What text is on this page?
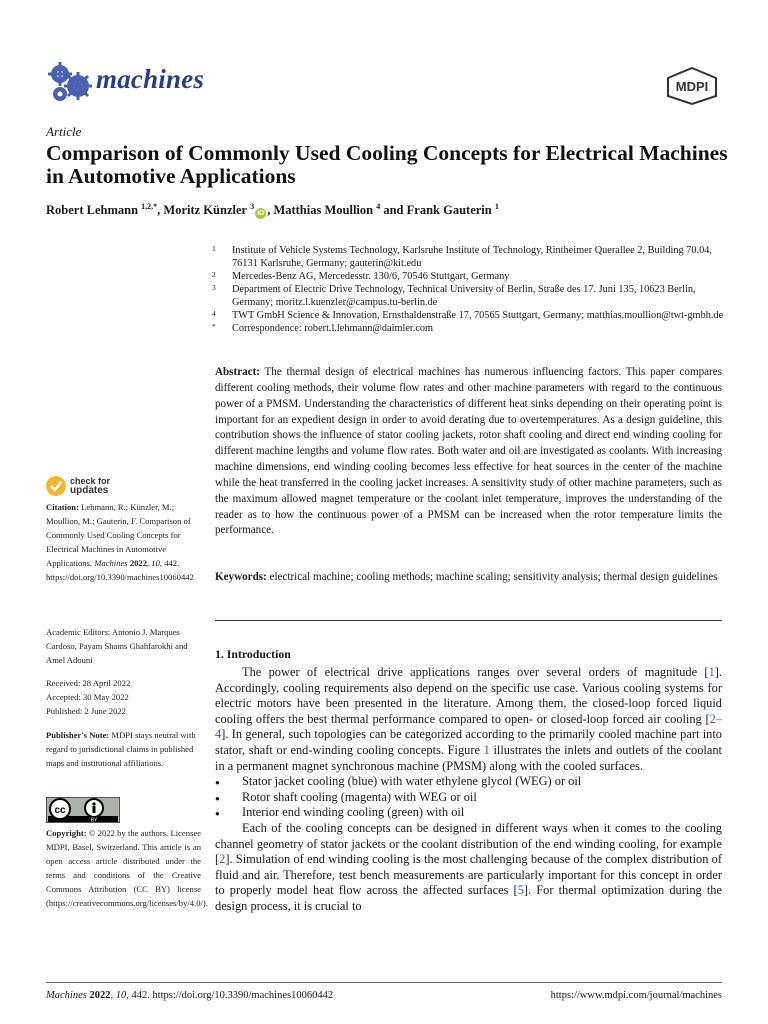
machines	MDPI
Article
Comparison of Commonly Used Cooling Concepts for Electrical Machines in Automotive Applications
Robert Lehmann $^{1,2,*}$, Moritz Künzler $^3$iD , Matthias Moullion $^4$ and Frank Gauterin $^1$
1	Institute of Vehicle Systems Technology, Karlsruhe Institute of Technology, Rintheimer Querallee 2, Building 70.04, 76131 Karlsruhe, Germany; gauterin@kit.edu
2	Mercedes-Benz AG, Mercedesstr. 130/6, 70546 Stuttgart, Germany
3	Department of Electric Drive Technology, Technical University of Berlin, Straße des 17. Juni 135, 10623 Berlin, Germany; moritz.l.kuenzler@campus.tu-berlin.de
4	TWT GmbH Science & Innovation, Ernsthaldenstraße 17, 70565 Stuttgart, Germany; matthias.moullion@twt-gmbh.de
*	Correspondence: robert.l.lehmann@daimler.com
Abstract: The thermal design of electrical machines has numerous influencing factors. This paper compares different cooling methods, their volume flow rates and other machine parameters with regard to the continuous power of a PMSM. Understanding the characteristics of different heat sinks depending on their operating point is important for an expedient design in order to avoid derating due to overtemperatures. As a design guideline, this contribution shows the influence of stator cooling jackets, rotor shaft cooling and direct end winding cooling for different machine lengths and volume flow rates. Both water and oil are investigated as coolants. With increasing machine dimensions, end winding cooling becomes less effective for heat sources in the center of the machine while the heat transferred in the cooling jacket increases. A sensitivity study of other machine parameters, such as the maximum allowed magnet temperature or the coolant inlet temperature, improves the understanding of the reader as to how the continuous power of a PMSM can be increased when the rotor temperature limits the performance.
Keywords: electrical machine; cooling methods; machine scaling; sensitivity analysis; thermal design guidelines
check for
updates
Citation: Lehmann, R.; Künzler, M.; Moullion, M.; Gauterin, F. Comparison of Commonly Used Cooling Concepts for Electrical Machines in Automotive Applications. Machines 2022, 10, 442. https://doi.org/10.3390/machines10060442
Academic Editors: Antonio J. Marques Cardoso, Payam Shams Ghahfarokhi and Amel Adouni
Received: 28 April 2022
Accepted: 30 May 2022
Published: 2 June 2022
Publisher's Note: MDPI stays neutral with regard to jurisdictional claims in published maps and institutional affiliations.
cc
BY
Copyright: © 2022 by the authors. Licensee MDPI, Basel, Switzerland. This article is an open access article distributed under the terms and conditions of the Creative Commons Attribution (CC BY) license (https://creativecommons.org/licenses/by/4.0/).
1. Introduction

The power of electrical drive applications ranges over several orders of magnitude [1]. Accordingly, cooling requirements also depend on the specific use case. Various cooling systems for electric motors have been presented in the literature. Among them, the closed-loop forced liquid cooling offers the best thermal performance compared to open- or closed-loop forced air cooling [2–4]. In general, such topologies can be categorized according to the primarily cooled machine part into stator, shaft or end-winding cooling concepts. Figure 1 illustrates the inlets and outlets of the coolant in a permanent magnet synchronous machine (PMSM) along with the cooled surfaces.

● Stator jacket cooling (blue) with water ethylene glycol (WEG) or oil
● Rotor shaft cooling (magenta) with WEG or oil
● Interior end winding cooling (green) with oil

Each of the cooling concepts can be designed in different ways when it comes to the cooling channel geometry of stator jackets or the coolant distribution of the end winding cooling, for example [2]. Simulation of end winding cooling is the most challenging because of the complex distribution of fluid and air. Therefore, test bench measurements are particularly important for this concept in order to properly model heat flow across the affected surfaces [5]. For thermal optimization during the design process, it is crucial to

Machines 2022, 10, 442. https://doi.org/10.3390/machines10060442	https://www.mdpi.com/journal/machines
